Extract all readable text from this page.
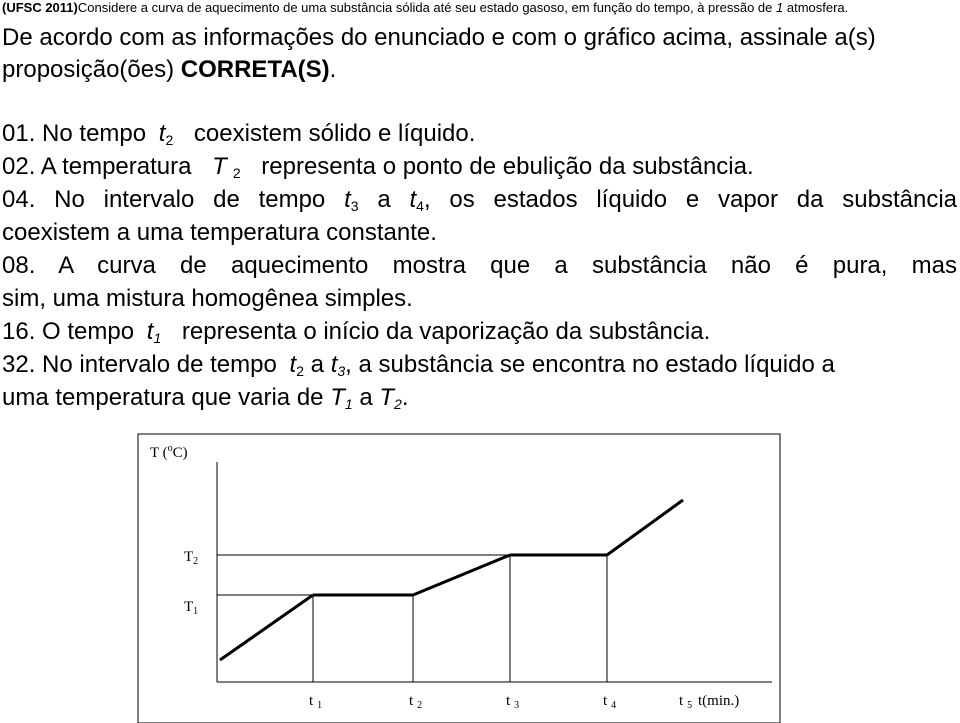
(UFSC 2011)Considere a curva de aquecimento de uma substância sólida até seu estado gasoso, em função do tempo, à pressão de 1 atmosfera.
De acordo com as informações do enunciado e com o gráfico acima, assinale a(s) proposição(ões) CORRETA(S).
01. No tempo $t_2$ coexistem sólido e líquido.
02. A temperatura T $_2$ representa o ponto de ebulição da substância.
04. No intervalo de tempo $t_3$ a $t_4$, os estados líquido e vapor da substância
coexistem a uma temperatura constante.
08. A curva de aquecimento mostra que a substância não é pura, mas
sim, uma mistura homogênea simples.
16. O tempo $t_1$ representa o início da vaporização da substância.
32. No intervalo de tempo $t_2$ a $t_3$, a substância se encontra no estado líquido a
uma temperatura que varia de $T_1$ a $T_2$.
T ($^o$C)
$T_2$
$T_1$
t $_1$	t $_2$	t $_3$	t $_4$	t $_5$ t(min.)
